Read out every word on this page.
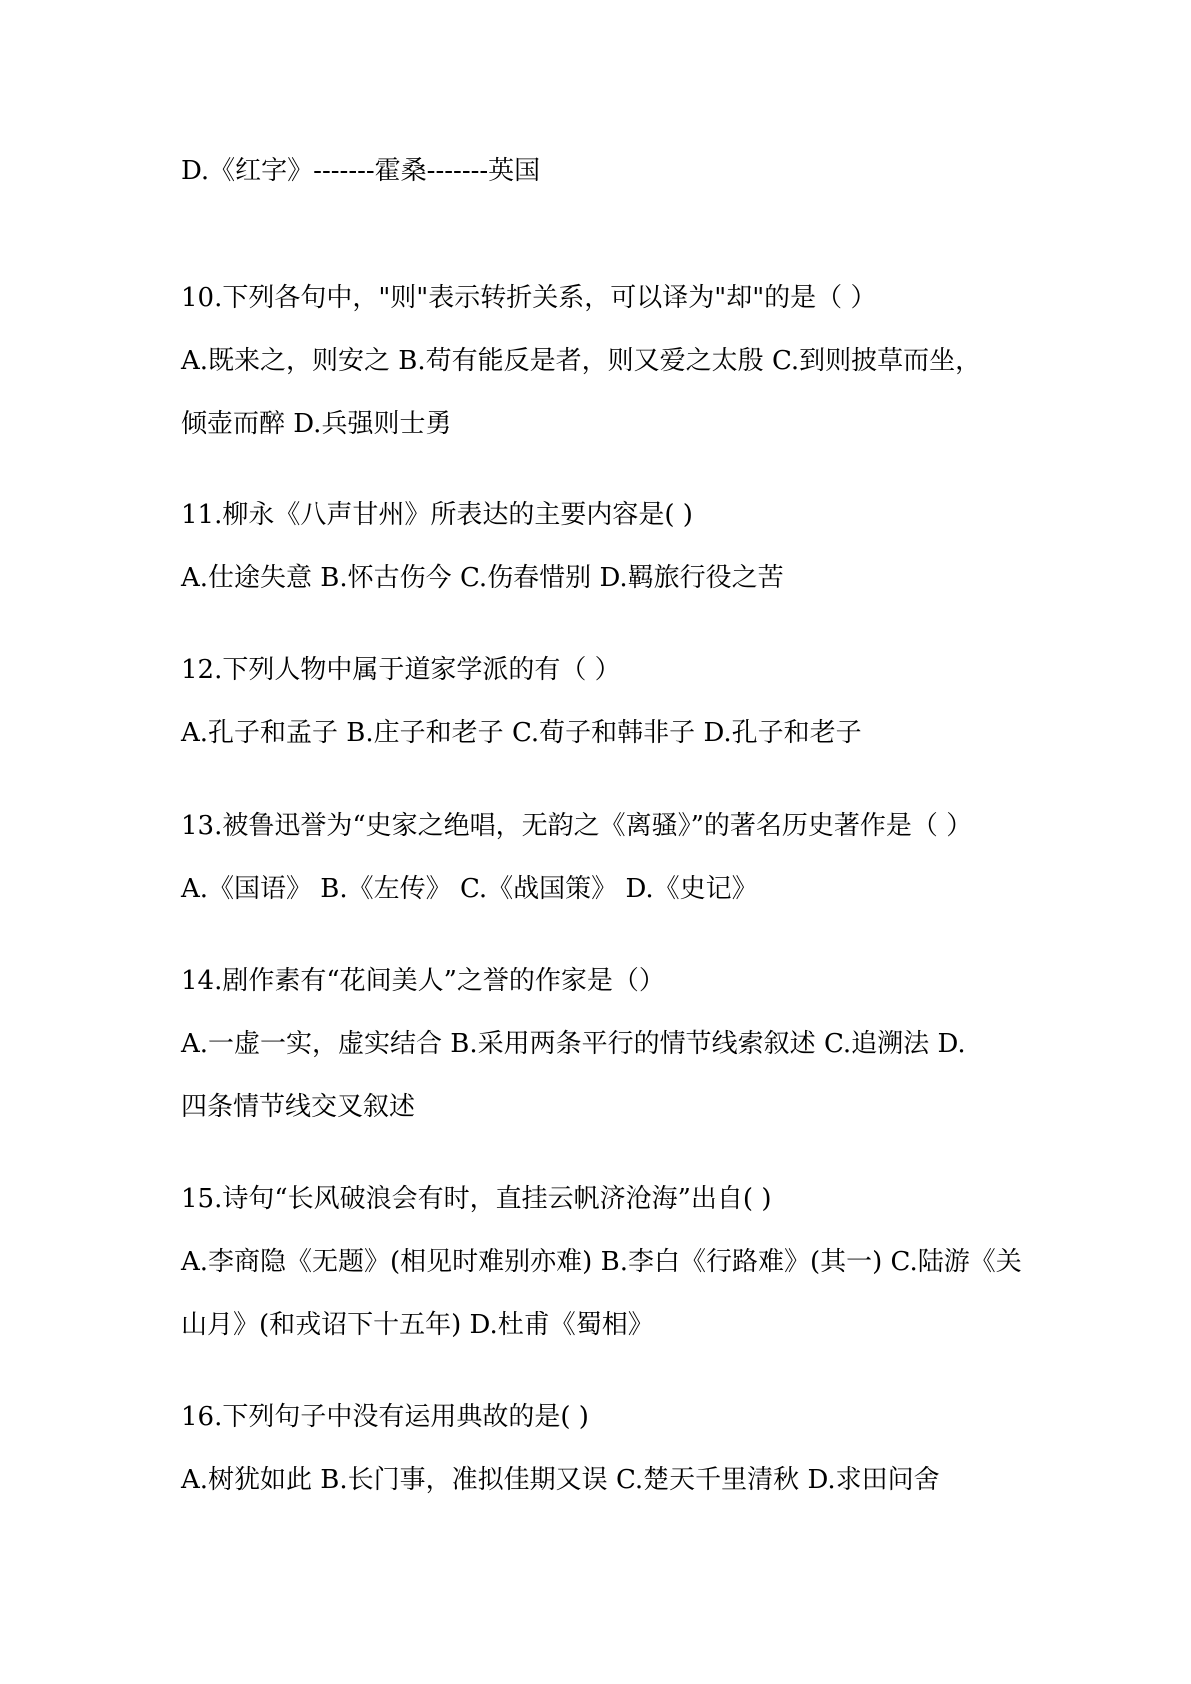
D.《红字》-------霍桑-------英国
10.下列各句中，"则"表示转折关系，可以译为"却"的是（ ）
A.既来之，则安之 B.苟有能反是者，则又爱之太殷 C.到则披草而坐，
倾壶而醉 D.兵强则士勇
11.柳永《八声甘州》所表达的主要内容是( )
A.仕途失意 B.怀古伤今 C.伤春惜别 D.羁旅行役之苦
12.下列人物中属于道家学派的有（ ）
A.孔子和孟子 B.庄子和老子 C.荀子和韩非子 D.孔子和老子
13.被鲁迅誉为“史家之绝唱，无韵之《离骚》”的著名历史著作是（ ）
A.《国语》 B.《左传》 C.《战国策》 D.《史记》
14.剧作素有“花间美人”之誉的作家是（）
A.一虚一实，虚实结合 B.采用两条平行的情节线索叙述 C.追溯法 D.
四条情节线交叉叙述
15.诗句“长风破浪会有时，直挂云帆济沧海”出自( )
A.李商隐《无题》(相见时难别亦难) B.李白《行路难》(其一) C.陆游《关
山月》(和戎诏下十五年) D.杜甫《蜀相》
16.下列句子中没有运用典故的是( )
A.树犹如此 B.长门事，准拟佳期又误 C.楚天千里清秋 D.求田问舍
